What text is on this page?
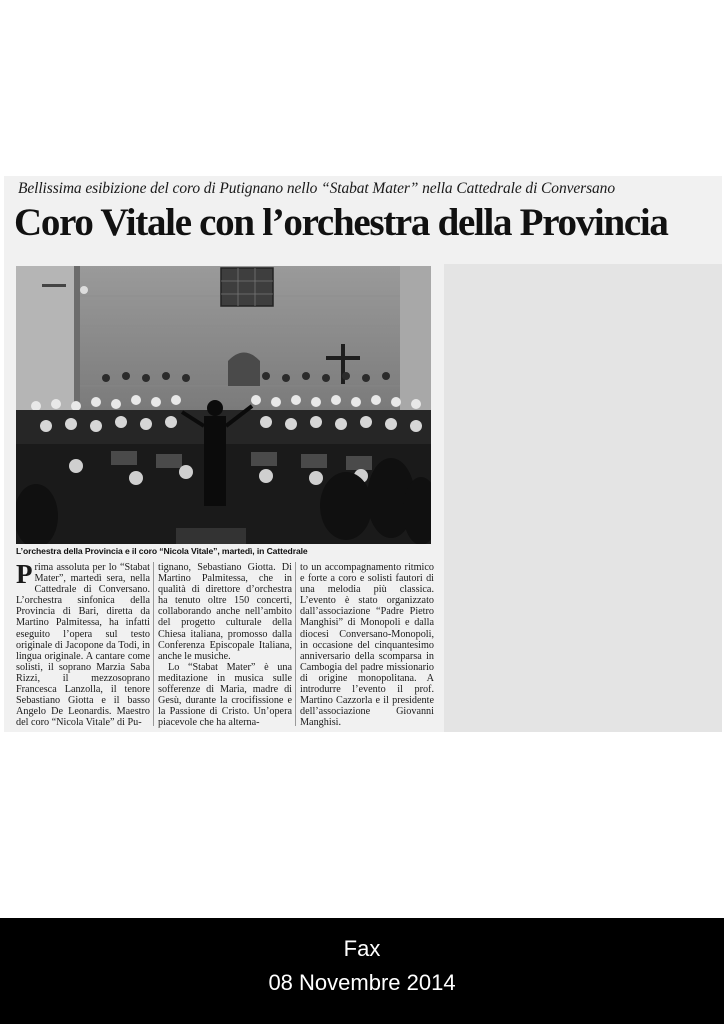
Bellissima esibizione del coro di Putignano nello “Stabat Mater” nella Cattedrale di Conversano
Coro Vitale con l’orchestra della Provincia
L’orchestra della Provincia e il coro “Nicola Vitale”, martedì, in Cattedrale

Prima assoluta per lo “Stabat Mater”, martedì sera, nella Cattedrale di Conversano. L’orchestra sinfonica della Provincia di Bari, diretta da Martino Palmitessa, ha infatti eseguito l’opera sul testo originale di Jacopone da Todi, in lingua originale. A cantare come solisti, il soprano Marzia Saba Rizzi, il mezzosoprano Francesca Lanzolla, il tenore Sebastiano Giotta e il basso Angelo De Leonardis. Maestro del coro “Nicola Vitale” di Pu-

tignano, Sebastiano Giotta. Di Martino Palmitessa, che in qualità di direttore d’orchestra ha tenuto oltre 150 concerti, collaborando anche nell’ambito del progetto culturale della Chiesa italiana, promosso dalla Conferenza Episcopale Italiana, anche le musiche.

Lo “Stabat Mater” è una meditazione in musica sulle sofferenze di Maria, madre di Gesù, durante la crocifissione e la Passione di Cristo. Un’opera piacevole che ha alterna-

to un accompagnamento ritmico e forte a coro e solisti fautori di una melodia più classica. L’evento è stato organizzato dall’associazione “Padre Pietro Manghisi” di Monopoli e dalla diocesi Conversano-Monopoli, in occasione del cinquantesimo anniversario della scomparsa in Cambogia del padre missionario di origine monopolitana. A introdurre l’evento il prof. Martino Cazzorla e il presidente dell’associazione Giovanni Manghisi.

Fax
08 Novembre 2014
